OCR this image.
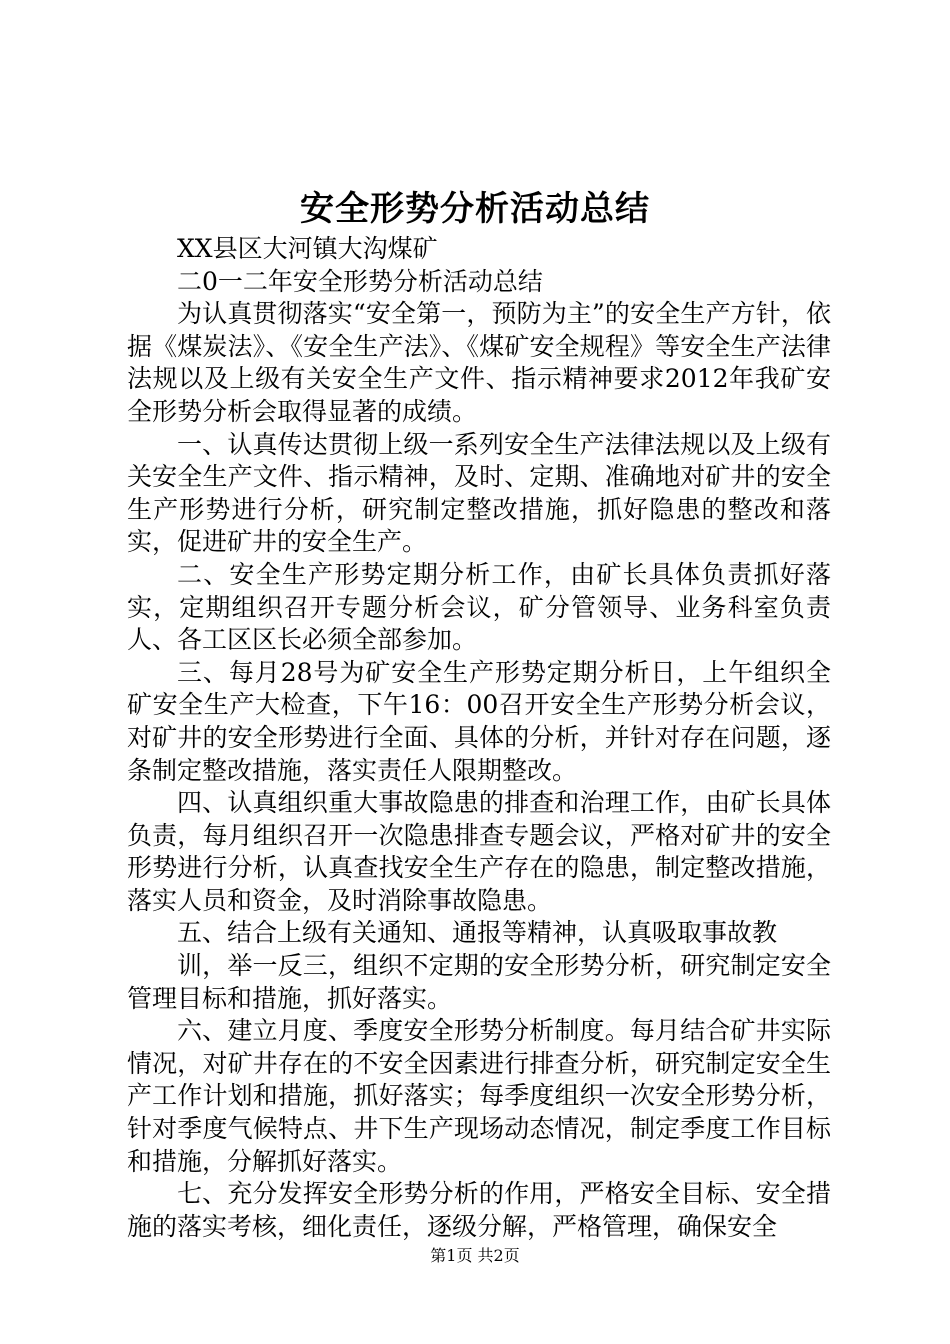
安全形势分析活动总结

XX县区大河镇大沟煤矿

二0一二年安全形势分析活动总结

为认真贯彻落实“安全第一，预防为主”的安全生产方针，依据《煤炭法》、《安全生产法》、《煤矿安全规程》等安全生产法律法规以及上级有关安全生产文件、指示精神要求2012年我矿安全形势分析会取得显著的成绩。

一、认真传达贯彻上级一系列安全生产法律法规以及上级有关安全生产文件、指示精神，及时、定期、准确地对矿井的安全生产形势进行分析，研究制定整改措施，抓好隐患的整改和落实，促进矿井的安全生产。

二、安全生产形势定期分析工作，由矿长具体负责抓好落实，定期组织召开专题分析会议，矿分管领导、业务科室负责人、各工区区长必须全部参加。

三、每月28号为矿安全生产形势定期分析日，上午组织全矿安全生产大检查，下午16：00召开安全生产形势分析会议，对矿井的安全形势进行全面、具体的分析，并针对存在问题，逐条制定整改措施，落实责任人限期整改。

四、认真组织重大事故隐患的排查和治理工作，由矿长具体负责，每月组织召开一次隐患排查专题会议，严格对矿井的安全形势进行分析，认真查找安全生产存在的隐患，制定整改措施，落实人员和资金，及时消除事故隐患。

五、结合上级有关通知、通报等精神，认真吸取事故教

训，举一反三，组织不定期的安全形势分析，研究制定安全管理目标和措施，抓好落实。

六、建立月度、季度安全形势分析制度。每月结合矿井实际情况，对矿井存在的不安全因素进行排查分析，研究制定安全生产工作计划和措施，抓好落实；每季度组织一次安全形势分析，针对季度气候特点、井下生产现场动态情况，制定季度工作目标和措施，分解抓好落实。

七、充分发挥安全形势分析的作用，严格安全目标、安全措施的落实考核，细化责任，逐级分解，严格管理，确保安全

第1页 共2页
